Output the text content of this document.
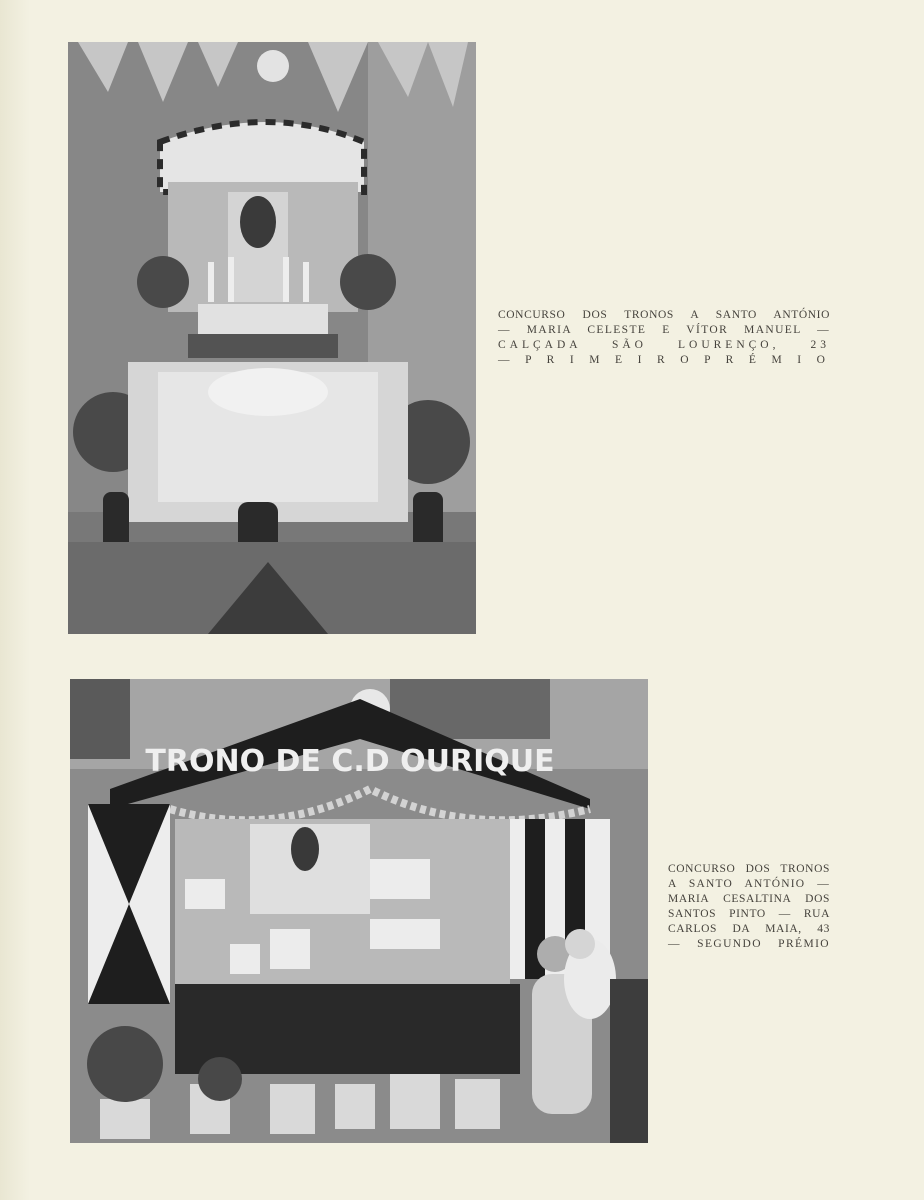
CONCURSO DOS TRONOS A SANTO ANTÓNIO
— MARIA CELESTE E VÍTOR MANUEL —
CALÇADA SÃO LOURENÇO, 23
— P R I M E I R O P R É M I O
TRONO DE C.D OURIQUE
CONCURSO DOS TRONOS
A SANTO ANTÓNIO —
MARIA CESALTINA DOS
SANTOS PINTO — RUA
CARLOS DA MAIA, 43
— SEGUNDO PRÉMIO
